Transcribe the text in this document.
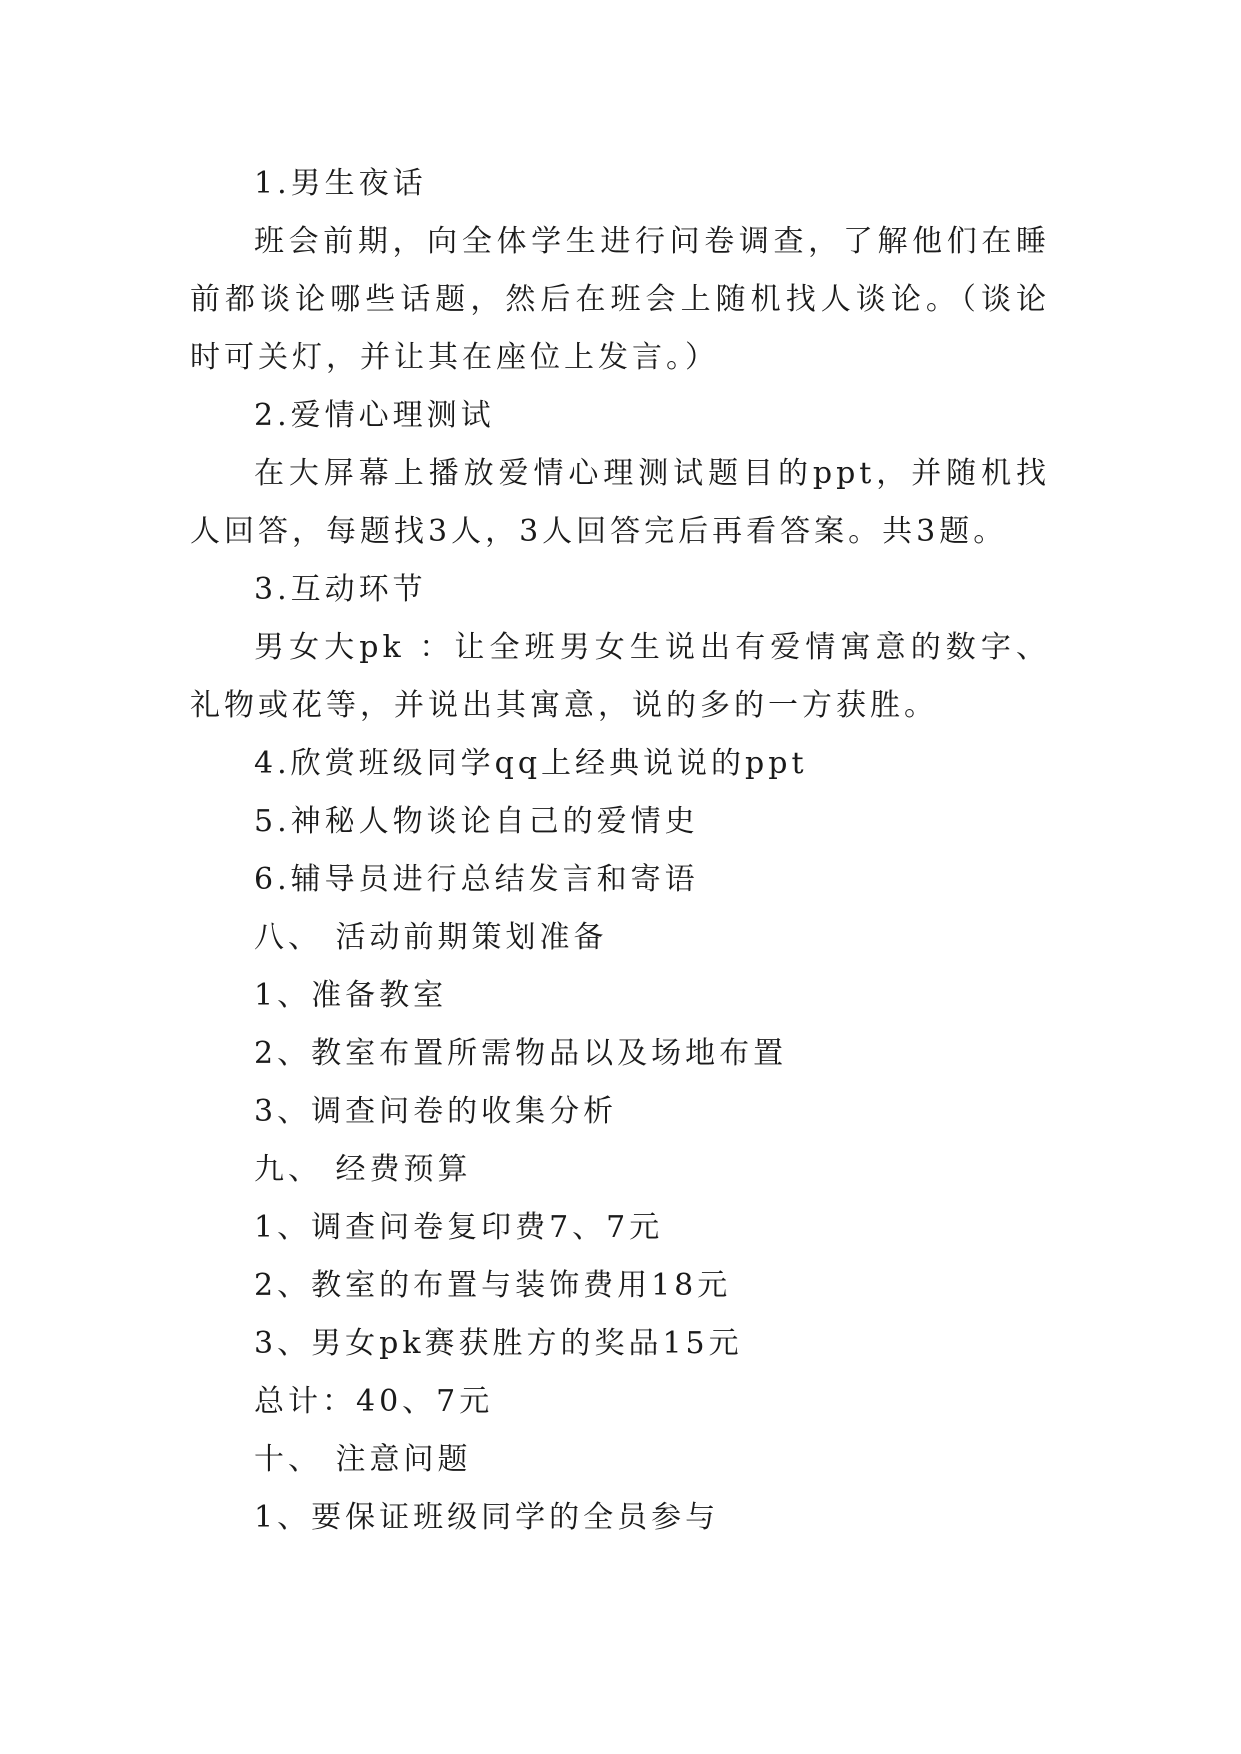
1.男生夜话
班会前期，向全体学生进行问卷调查，了解他们在睡前都谈论哪些话题，然后在班会上随机找人谈论。（谈论时可关灯，并让其在座位上发言。）
2.爱情心理测试
在大屏幕上播放爱情心理测试题目的ppt，并随机找人回答，每题找3人，3人回答完后再看答案。共3题。
3.互动环节
男女大pk ：让全班男女生说出有爱情寓意的数字、礼物或花等，并说出其寓意，说的多的一方获胜。
4.欣赏班级同学qq上经典说说的ppt
5.神秘人物谈论自己的爱情史
6.辅导员进行总结发言和寄语
八、 活动前期策划准备
1、准备教室
2、教室布置所需物品以及场地布置
3、调查问卷的收集分析
九、 经费预算
1、调查问卷复印费7、7元
2、教室的布置与装饰费用18元
3、男女pk赛获胜方的奖品15元
总计：40、7元
十、 注意问题
1、要保证班级同学的全员参与
